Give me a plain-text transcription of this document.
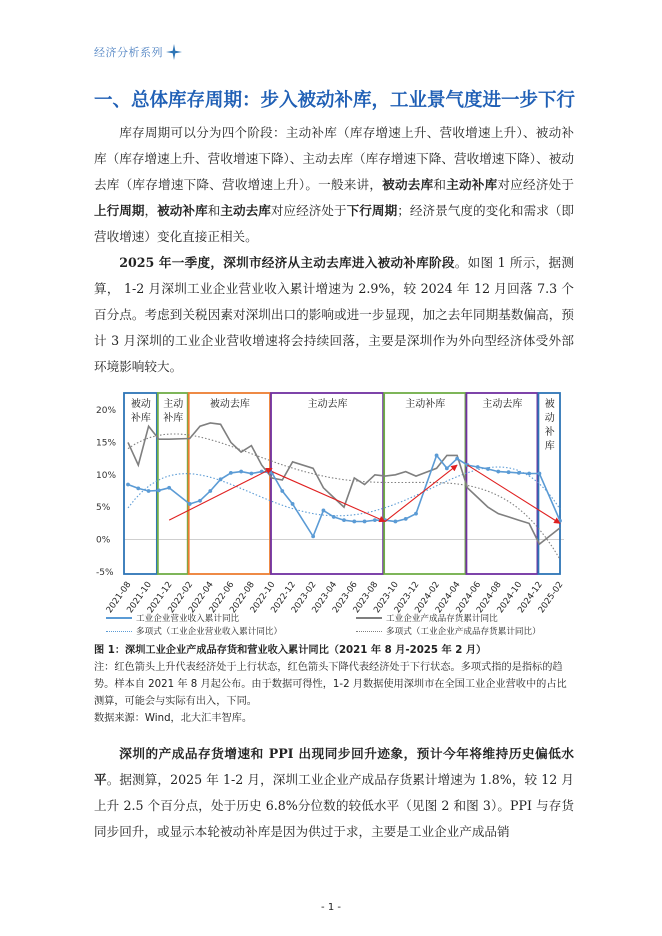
经济分析系列
一、总体库存周期：步入被动补库，工业景气度进一步下行

库存周期可以分为四个阶段：主动补库（库存增速上升、营收增速上升）、被动补库（库存增速上升、营收增速下降）、主动去库（库存增速下降、营收增速下降）、被动去库（库存增速下降、营收增速上升）。一般来讲，被动去库和主动补库对应经济处于上行周期，被动补库和主动去库对应经济处于下行周期；经济景气度的变化和需求（即营收增速）变化直接正相关。

2025 年一季度，深圳市经济从主动去库进入被动补库阶段。如图 1 所示，据测算， 1-2 月深圳工业企业营业收入累计增速为 2.9%，较 2024 年 12 月回落 7.3 个百分点。考虑到关税因素对深圳出口的影响或进一步显现，加之去年同期基数偏高，预计 3 月深圳的工业企业营收增速将会持续回落，主要是深圳作为外向型经济体受外部环境影响较大。

20%
15%
10%
5%
0%
-5%
被动
补库
主动
补库
被动去库	主动去库	主动补库	主动去库 被
动
补
库
2021-08
2021-10
2021-12
2022-02
2022-04
2022-06
2022-08
2022-10
2022-12
2023-02
2023-04
2023-06
2023-08
2023-10
2023-12
2024-02
2024-04
2024-06
2024-08
2024-10
2024-12
2025-02
工业企业营业收入累计同比	工业企业产成品存货累计同比
多项式（工业企业营业收入累计同比）	多项式（工业企业产成品存货累计同比）
图 1：深圳工业企业产成品存货和营业收入累计同比（2021 年 8 月-2025 年 2 月）
注：红色箭头上升代表经济处于上行状态，红色箭头下降代表经济处于下行状态。多项式指的是指标的趋势。样本自 2021 年 8 月起公布。由于数据可得性，1-2 月数据使用深圳市在全国工业企业营收中的占比测算，可能会与实际有出入，下同。
数据来源：Wind，北大汇丰智库。

深圳的产成品存货增速和 PPI 出现同步回升迹象，预计今年将维持历史偏低水平。据测算，2025 年 1-2 月，深圳工业企业产成品存货累计增速为 1.8%，较 12 月上升 2.5 个百分点，处于历史 6.8%分位数的较低水平（见图 2 和图 3）。PPI 与存货同步回升，或显示本轮被动补库是因为供过于求，主要是工业企业产成品销

- 1 -
